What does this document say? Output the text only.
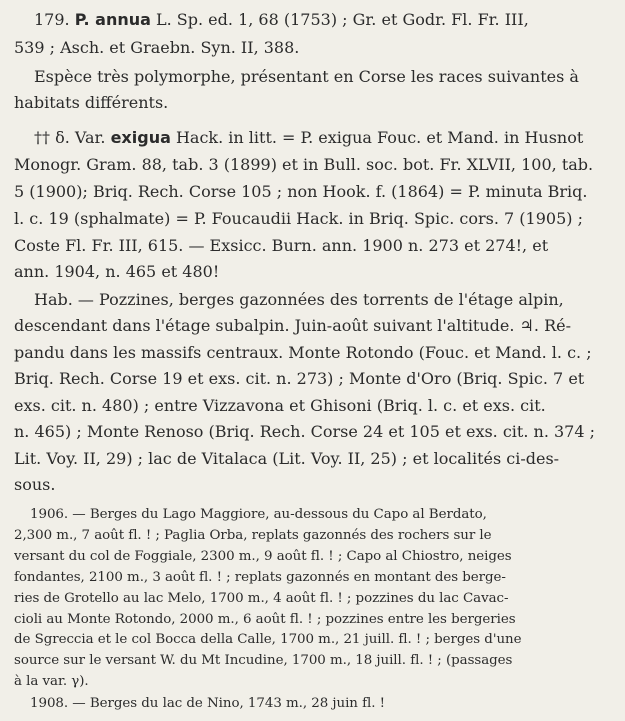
179. P. annua L. Sp. ed. 1, 68 (1753) ; Gr. et Godr. Fl. Fr. III,
539 ; Asch. et Graebn. Syn. II, 388.
Espèce très polymorphe, présentant en Corse les races suivantes à
habitats différents.
†† δ. Var. exigua Hack. in litt. = P. exigua Fouc. et Mand. in Husnot
Monogr. Gram. 88, tab. 3 (1899) et in Bull. soc. bot. Fr. XLVII, 100, tab.
5 (1900); Briq. Rech. Corse 105 ; non Hook. f. (1864) = P. minuta Briq.
l. c. 19 (sphalmate) = P. Foucaudii Hack. in Briq. Spic. cors. 7 (1905) ;
Coste Fl. Fr. III, 615. — Exsicc. Burn. ann. 1900 n. 273 et 274!, et
ann. 1904, n. 465 et 480!
Hab. — Pozzines, berges gazonnées des torrents de l'étage alpin,
descendant dans l'étage subalpin. Juin-août suivant l'altitude. ♃. Ré-
pandu dans les massifs centraux. Monte Rotondo (Fouc. et Mand. l. c. ;
Briq. Rech. Corse 19 et exs. cit. n. 273) ; Monte d'Oro (Briq. Spic. 7 et
exs. cit. n. 480) ; entre Vizzavona et Ghisoni (Briq. l. c. et exs. cit.
n. 465) ; Monte Renoso (Briq. Rech. Corse 24 et 105 et exs. cit. n. 374 ;
Lit. Voy. II, 29) ; lac de Vitalaca (Lit. Voy. II, 25) ; et localités ci-des-
sous.
1906. — Berges du Lago Maggiore, au-dessous du Capo al Berdato,
2,300 m., 7 août fl. ! ; Paglia Orba, replats gazonnés des rochers sur le
versant du col de Foggiale, 2300 m., 9 août fl. ! ; Capo al Chiostro, neiges
fondantes, 2100 m., 3 août fl. ! ; replats gazonnés en montant des berge-
ries de Grotello au lac Melo, 1700 m., 4 août fl. ! ; pozzines du lac Cavac-
cioli au Monte Rotondo, 2000 m., 6 août fl. ! ; pozzines entre les bergeries
de Sgreccia et le col Bocca della Calle, 1700 m., 21 juill. fl. ! ; berges d'une
source sur le versant W. du Mt Incudine, 1700 m., 18 juill. fl. ! ; (passages
à la var. γ).
1908. — Berges du lac de Nino, 1743 m., 28 juin fl. !
